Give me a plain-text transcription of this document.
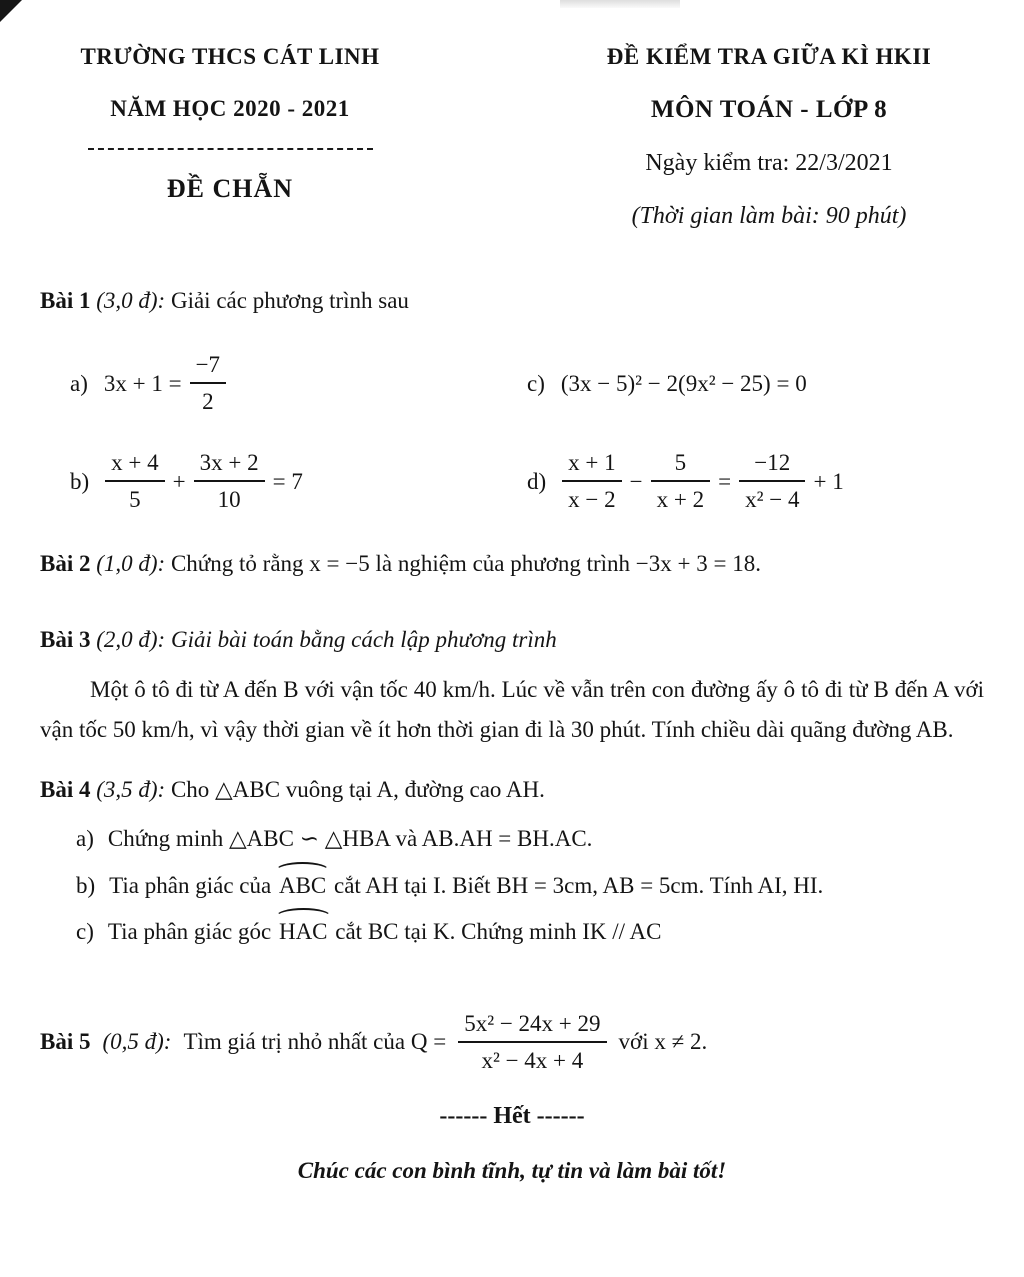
TRƯỜNG THCS CÁT LINH
NĂM HỌC 2020 - 2021
ĐỀ CHẴN
ĐỀ KIỂM TRA GIỮA KÌ HKII
MÔN TOÁN - LỚP 8
Ngày kiểm tra: 22/3/2021
(Thời gian làm bài: 90 phút)
Bài 1 (3,0 đ): Giải các phương trình sau
a) $3x + 1 = \frac{-7}{2}$	c) (3x − 5)² − 2(9x² − 25) = 0
$b) \frac{x + 4}{5} + \frac{3x + 2}{10} = 7$	$d) \frac{x + 1}{x - 2} - \frac{5}{x + 2} = \frac{-12}{\text{x² − 4}} + 1$
Bài 2 (1,0 đ): Chứng tỏ rằng x = −5 là nghiệm của phương trình −3x + 3 = 18.
Bài 3 (2,0 đ): Giải bài toán bằng cách lập phương trình
Một ô tô đi từ A đến B với vận tốc 40 km/h. Lúc về vẫn trên con đường ấy ô tô đi từ B đến A với vận tốc 50 km/h, vì vậy thời gian về ít hơn thời gian đi là 30 phút. Tính chiều dài quãng đường AB.
Bài 4 (3,5 đ): Cho △ABC vuông tại A, đường cao AH.
a) Chứng minh △ABC ∽ △HBA và AB.AH = BH.AC.
b) Tia phân giác của ABC cắt AH tại I. Biết BH = 3cm, AB = 5cm. Tính AI, HI.
c) Tia phân giác góc HAC cắt BC tại K. Chứng minh IK // AC
Bài 5 (0,5 đ): Tìm giá trị nhỏ nhất của $Q = \frac{\text{5x² − 24x + 29}}{\text{x² − 4x + 4}}$ với x ≠ 2.
------ Hết ------
Chúc các con bình tĩnh, tự tin và làm bài tốt!
